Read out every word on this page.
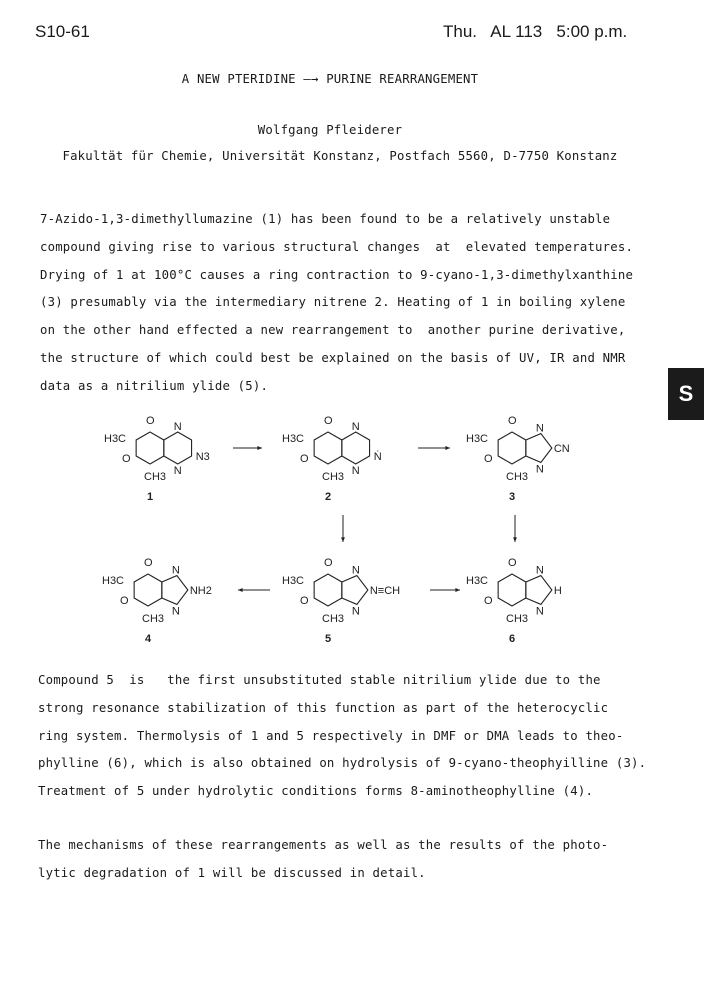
S10-61	Thu.   AL 113   5:00 p.m.
A NEW PTERIDINE —→ PURINE REARRANGEMENT
Wolfgang Pfleiderer
Fakultät für Chemie, Universität Konstanz, Postfach 5560, D-7750 Konstanz
7-Azido-1,3-dimethyllumazine (1) has been found to be a relatively unstable
compound giving rise to various structural changes  at  elevated temperatures.
Drying of 1 at 100°C causes a ring contraction to 9-cyano-1,3-dimethylxanthine
(3) presumably via the intermediary nitrene 2. Heating of 1 in boiling xylene
on the other hand effected a new rearrangement to  another purine derivative,
the structure of which could best be explained on the basis of UV, IR and NMR
data as a nitrilium ylide (5).	S
N
N
N3
O
H3C
O
CH3
1
N
N
Ṅ
O
H3C
O
CH3
2
N
N
CN
O
H3C
O
CH3
3
N
N
NH2
O
H3C
O
CH3
4
N
N
N≡CH
O
H3C
O
CH3
5
N
N
H
O
H3C
O
CH3
6
Compound 5  is   the first unsubstituted stable nitrilium ylide due to the
strong resonance stabilization of this function as part of the heterocyclic
ring system. Thermolysis of 1 and 5 respectively in DMF or DMA leads to theo-
phylline (6), which is also obtained on hydrolysis of 9-cyano-theophyilline (3).
Treatment of 5 under hydrolytic conditions forms 8-aminotheophylline (4).
The mechanisms of these rearrangements as well as the results of the photo-
lytic degradation of 1 will be discussed in detail.
